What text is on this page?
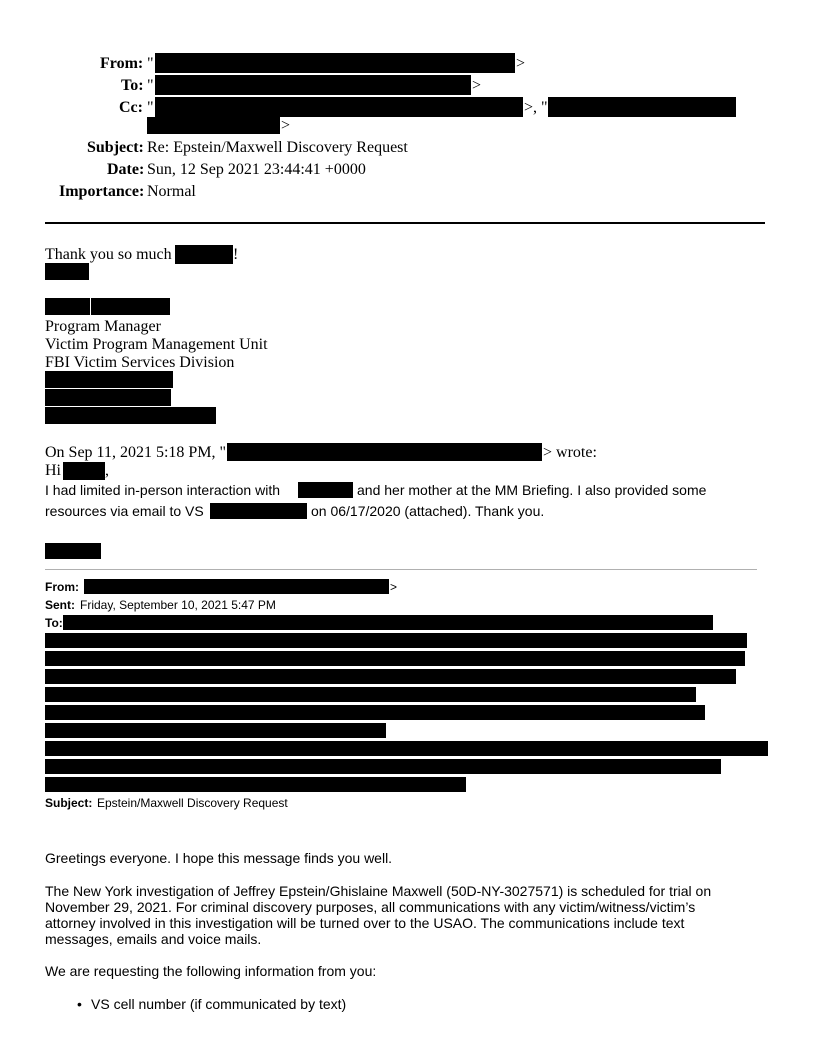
From: "	>
To: "	>
Cc: "	>, "
>
Subject: Re: Epstein/Maxwell Discovery Request
Date: Sun, 12 Sep 2021 23:44:41 +0000
Importance: Normal
Thank you so much	!
Program Manager
Victim Program Management Unit
FBI Victim Services Division
On Sep 11, 2021 5:18 PM, "	> wrote:
Hi	,
I had limited in-person interaction with	and her mother at the MM Briefing. I also provided some
resources via email to VS	on 06/17/2020 (attached). Thank you.
From:	>
Sent: Friday, September 10, 2021 5:47 PM
To:
Subject: Epstein/Maxwell Discovery Request
Greetings everyone. I hope this message finds you well.
The New York investigation of Jeffrey Epstein/Ghislaine Maxwell (50D-NY-3027571) is scheduled for trial on
November 29, 2021. For criminal discovery purposes, all communications with any victim/witness/victim’s
attorney involved in this investigation will be turned over to the USAO. The communications include text
messages, emails and voice mails.
We are requesting the following information from you:
• VS cell number (if communicated by text)
